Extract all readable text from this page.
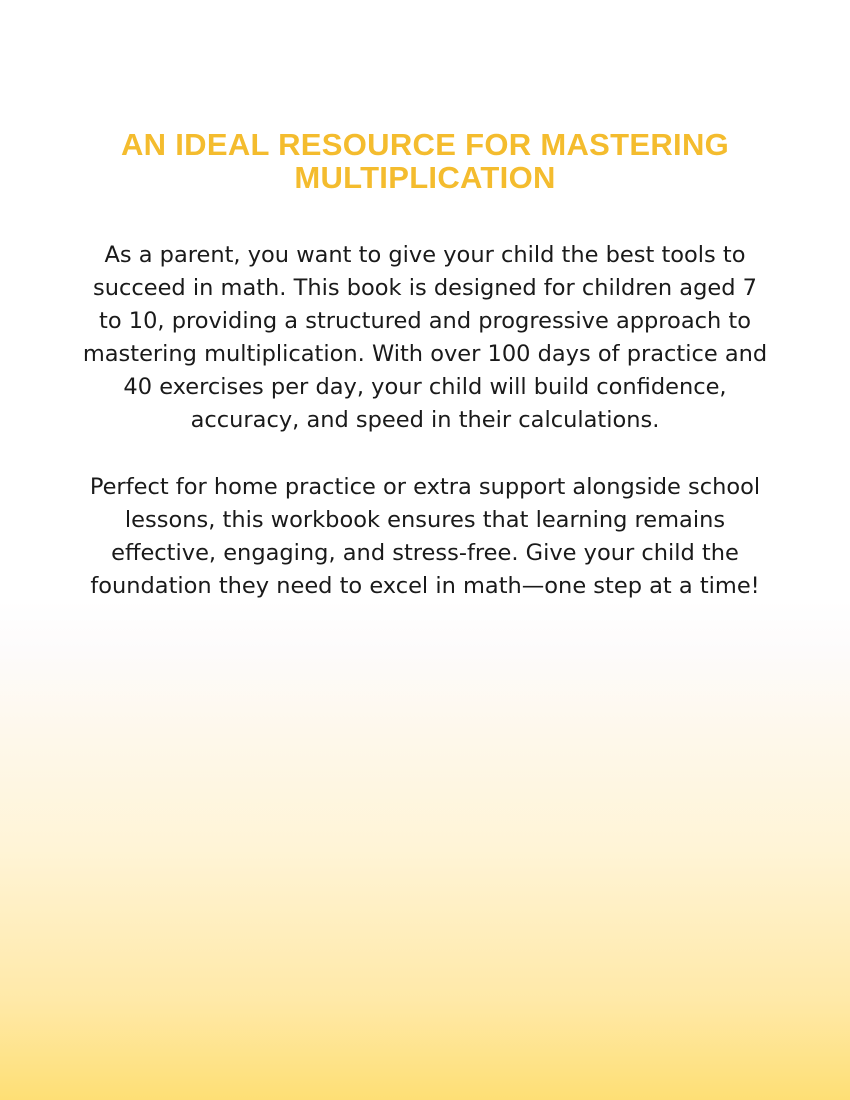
AN IDEAL RESOURCE FOR MASTERING
MULTIPLICATION
As a parent, you want to give your child the best tools to
succeed in math. This book is designed for children aged 7
to 10, providing a structured and progressive approach to
mastering multiplication. With over 100 days of practice and
40 exercises per day, your child will build confidence,
accuracy, and speed in their calculations.
Perfect for home practice or extra support alongside school
lessons, this workbook ensures that learning remains
effective, engaging, and stress-free. Give your child the
foundation they need to excel in math—one step at a time!
